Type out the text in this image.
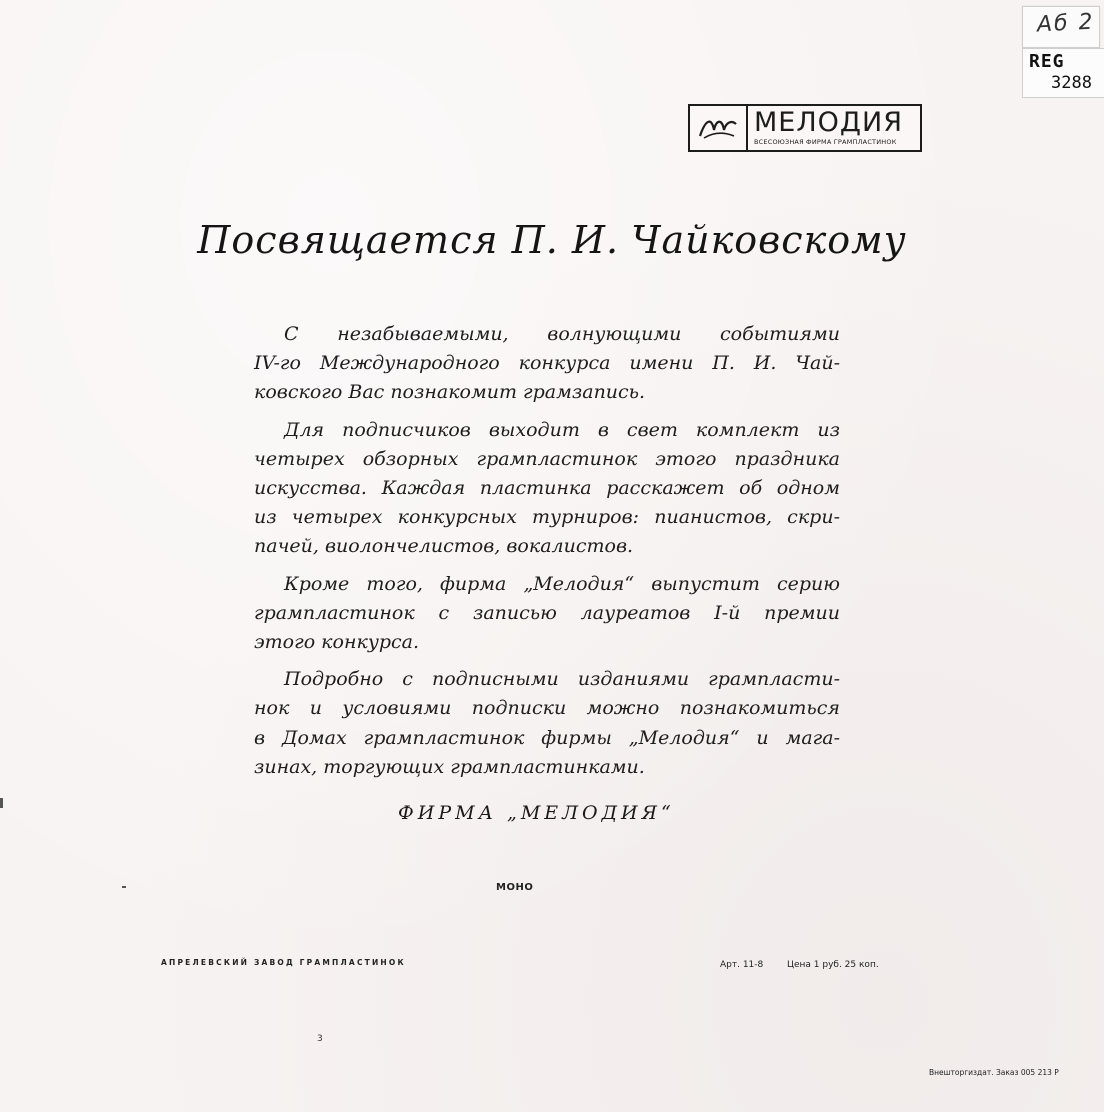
Аб 2
REG
3288
МЕЛОДИЯ
ВСЕСОЮЗНАЯ ФИРМА ГРАМПЛАСТИНОК
Посвящается П. И. Чайковскому

С незабываемыми, волнующими событиями
IV-го Международного конкурса имени П. И. Чай-
ковского Вас познакомит грамзапись.

Для подписчиков выходит в свет комплект из
четырех обзорных грампластинок этого праздника
искусства. Каждая пластинка расскажет об одном
из четырех конкурсных турниров: пианистов, скри-
пачей, виолончелистов, вокалистов.

Кроме того, фирма „Мелодия“ выпустит серию
грампластинок с записью лауреатов I-й премии
этого конкурса.

Подробно с подписными изданиями грампласти-
нок и условиями подписки можно познакомиться
в Домах грампластинок фирмы „Мелодия“ и мага-
зинах, торгующих грампластинками.

ФИРМА „МЕЛОДИЯ“
МОНО
АПРЕЛЕВСКИЙ ЗАВОД ГРАМПЛАСТИНОК	Арт. 11-8	Цена 1 руб. 25 коп.
3
Внешторгиздат. Заказ 005 213 Р
